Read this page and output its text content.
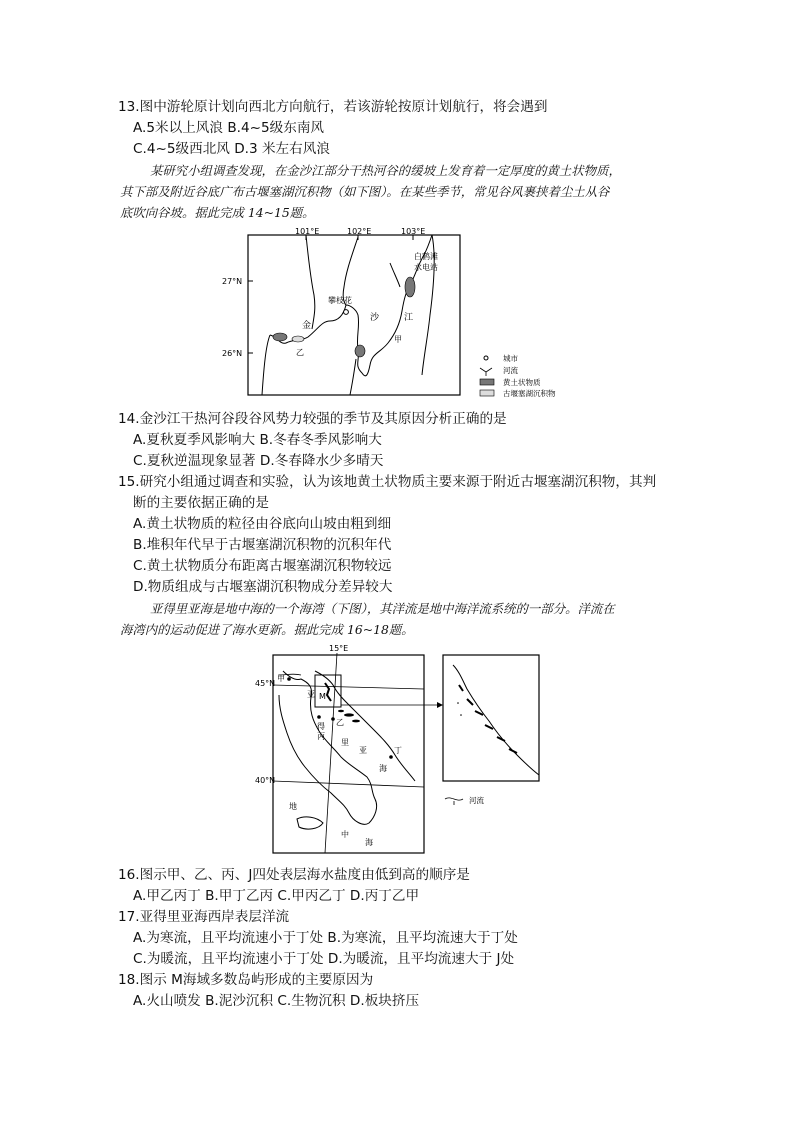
13.图中游轮原计划向西北方向航行，若该游轮按原计划航行，将会遇到
A.5米以上风浪 B.4~5级东南风
C.4~5级西北风 D.3 米左右风浪
某研究小组调查发现，在金沙江部分干热河谷的缓坡上发育着一定厚度的黄土状物质，
其下部及附近谷底广布古堰塞湖沉积物（如下图）。在某些季节，常见谷风裹挟着尘土从谷
底吹向谷坡。据此完成 14~15题。
101°E	102°E	103°E
27°N
26°N
攀枝花
白鹤滩
水电站
金
沙	江
乙
甲
城市
河流
黄土状物质
古堰塞湖沉积物
14.金沙江干热河谷段谷风势力较强的季节及其原因分析正确的是
A.夏秋夏季风影响大 B.冬春冬季风影响大
C.夏秋逆温现象显著 D.冬春降水少多晴天
15.研究小组通过调查和实验，认为该地黄土状物质主要来源于附近古堰塞湖沉积物，其判
断的主要依据正确的是
A.黄土状物质的粒径由谷底向山坡由粗到细
B.堆积年代早于古堰塞湖沉积物的沉积年代
C.黄土状物质分布距离古堰塞湖沉积物较远
D.物质组成与古堰塞湖沉积物成分差异较大
亚得里亚海是地中海的一个海湾（下图），其洋流是地中海洋流系统的一部分。洋流在
海湾内的运动促进了海水更新。据此完成 16~18题。
15°E
45°N
40°N
甲
亚 M
得
丙
乙
里
亚	丁
海
地
中
海
河流
16.图示甲、乙、丙、J四处表层海水盐度由低到高的顺序是
A.甲乙丙丁 B.甲丁乙丙 C.甲丙乙丁 D.丙丁乙甲
17.亚得里亚海西岸表层洋流
A.为寒流，且平均流速小于丁处 B.为寒流，且平均流速大于丁处
C.为暖流，且平均流速小于丁处 D.为暖流，且平均流速大于 J处
18.图示 M海域多数岛屿形成的主要原因为
A.火山喷发 B.泥沙沉积 C.生物沉积 D.板块挤压
